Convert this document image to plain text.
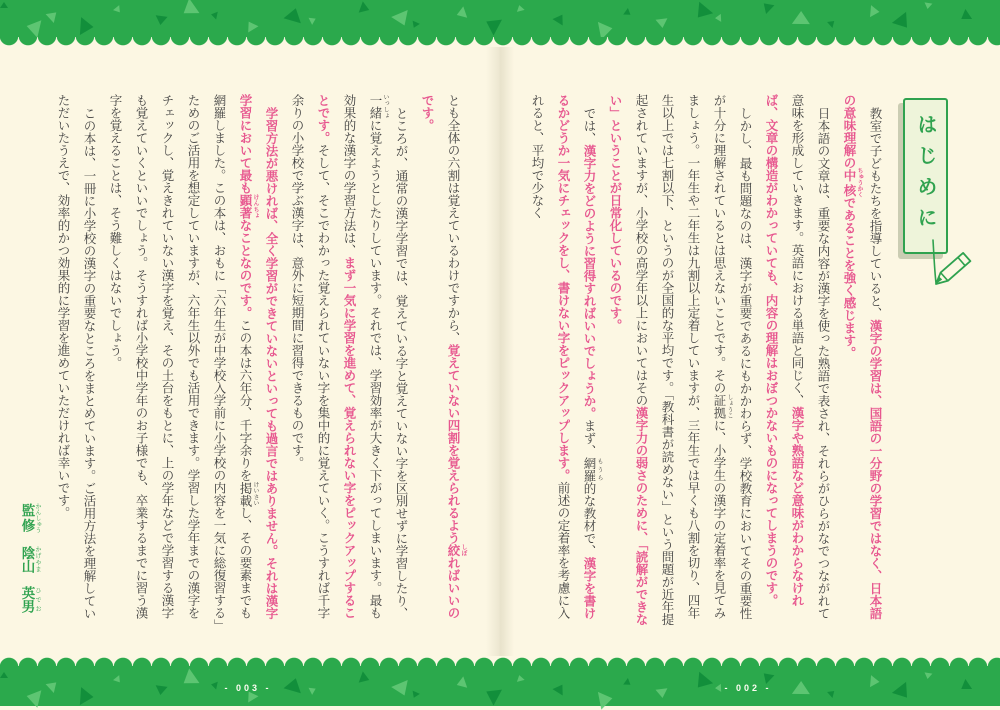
はじめに

教室で子どもたちを指導していると、漢字の学習は、国語の一分野の学習ではなく、日本語の意味理解の中核 ちゅうかくであることを強く感じます。

日本語の文章は、重要な内容が漢字を使った熟語で表され、それらがひらがなでつながれて意味を形成していきます。英語における単語と同じく、漢字や熟語など意味がわからなければ、文章の構造がわかっていても、内容の理解はおぼつかないものになってしまうのです。

しかし、最も問題なのは、漢字が重要であるにもかかわらず、学校教育においてその重要性が十分に理解されているとは思えないことです。その証拠 しょうこに、小学生の漢字の定着率を見てみましょう。一年生や二年生は九割以上定着していますが、三年生では早くも八割を切り、四年生以上では七割以下、というのが全国的な平均です。「教科書が読めない」という問題が近年提起されていますが、小学校の高学年以上においてはその漢字力の弱さのために、「読解ができない」ということが日常化しているのです。

では、漢字力をどのように習得すればいいでしょうか。まず、網羅 もうら的な教材で、漢字を書けるかどうか一気にチェックをし、書けない字をピックアップします。前述の定着率を考慮に入れると、平均で少なく

とも全体の六割は覚えているわけですから、覚えていない四割を覚えられるよう絞 しぼればいいのです。

ところが、通常の漢字学習では、覚えている字と覚えていない字を区別せずに学習したり、一緒 いっしょに覚えようとしたりしています。それでは、学習効率が大きく下がってしまいます。最も効果的な漢字の学習方法は、まず一気に学習を進めて、覚えられない字をピックアップすることです。そして、そこでわかった覚えられていない字を集中的に覚えていく。こうすれば千字余りの小学校で学ぶ漢字は、意外に短期間に習得できるものです。

学習方法が悪ければ、全く学習ができていないといっても過言ではありません。それは漢字学習において最も顕著 けんちょなことなのです。この本は六年分、千字余りを掲載 けいさいし、その要素までも網羅しました。この本は、おもに「六年生が中学校入学前に小学校の内容を一気に総復習する」ためのご活用を想定していますが、六年生以外でも活用できます。学習した学年までの漢字をチェックし、覚えきれていない漢字を覚え、その土台をもとに、上の学年などで学習する漢字も覚えていくといいでしょう。そうすれば小学校中学年のお子様でも、卒業するまでに習う漢字を覚えることは、そう難しくはないでしょう。

この本は、一冊に小学校の漢字の重要なところをまとめています。ご活用方法を理解していただいたうえで、効率的かつ効果的に学習を進めていただければ幸いです。

監修 かんしゅう　陰山 かげやま　英男 ひでお

- 003 -	- 002 -
